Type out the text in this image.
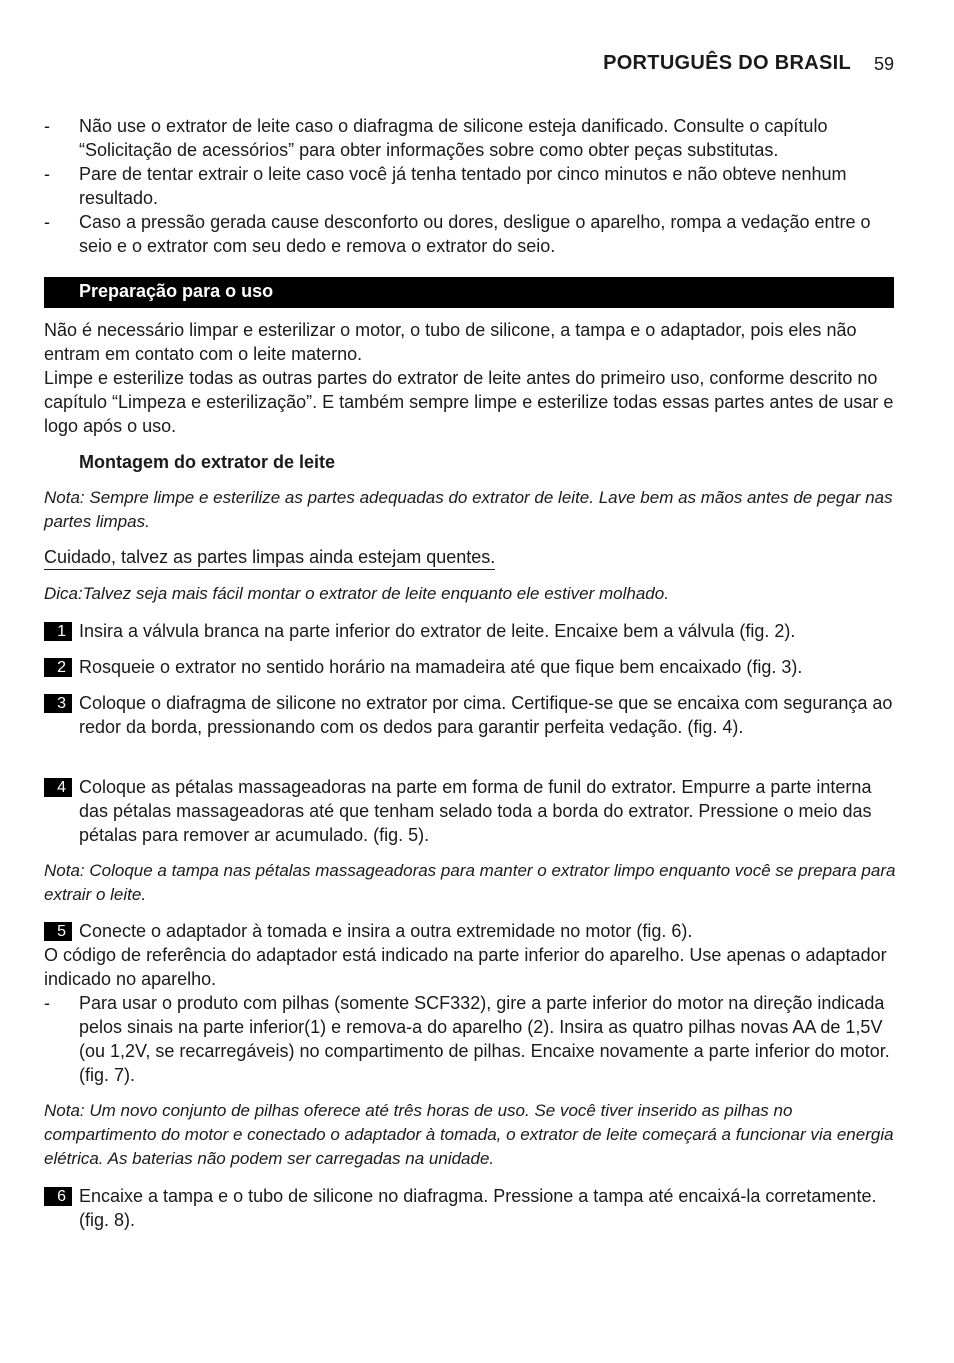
PORTUGUÊS DO BRASIL 59
-	Não use o extrator de leite caso o diafragma de silicone esteja danificado. Consulte o capítulo “Solicitação de acessórios” para obter informações sobre como obter peças substitutas.
-	Pare de tentar extrair o leite caso você já tenha tentado por cinco minutos e não obteve nenhum resultado.
-	Caso a pressão gerada cause desconforto ou dores, desligue o aparelho, rompa a vedação entre o seio e o extrator com seu dedo e remova o extrator do seio.
Preparação para o uso
Não é necessário limpar e esterilizar o motor, o tubo de silicone, a tampa e o adaptador, pois eles não entram em contato com o leite materno.
Limpe e esterilize todas as outras partes do extrator de leite antes do primeiro uso, conforme descrito no capítulo “Limpeza e esterilização”. E também sempre limpe e esterilize todas essas partes antes de usar e logo após o uso.
Montagem do extrator de leite
Nota: Sempre limpe e esterilize as partes adequadas do extrator de leite. Lave bem as mãos antes de pegar nas partes limpas.
Cuidado, talvez as partes limpas ainda estejam quentes.
Dica:Talvez seja mais fácil montar o extrator de leite enquanto ele estiver molhado.
1 Insira a válvula branca na parte inferior do extrator de leite. Encaixe bem a válvula (fig. 2).
2 Rosqueie o extrator no sentido horário na mamadeira até que fique bem encaixado (fig. 3).
3 Coloque o diafragma de silicone no extrator por cima. Certifique-se que se encaixa com segurança ao redor da borda, pressionando com os dedos para garantir perfeita vedação. (fig. 4).
4 Coloque as pétalas massageadoras na parte em forma de funil do extrator. Empurre a parte interna das pétalas massageadoras até que tenham selado toda a borda do extrator. Pressione o meio das pétalas para remover ar acumulado. (fig. 5).
Nota: Coloque a tampa nas pétalas massageadoras para manter o extrator limpo enquanto você se prepara para extrair o leite.
5 Conecte o adaptador à tomada e insira a outra extremidade no motor (fig. 6).
O código de referência do adaptador está indicado na parte inferior do aparelho. Use apenas o adaptador indicado no aparelho.
-	Para usar o produto com pilhas (somente SCF332), gire a parte inferior do motor na direção indicada pelos sinais na parte inferior(1) e remova-a do aparelho (2). Insira as quatro pilhas novas AA de 1,5V (ou 1,2V, se recarregáveis) no compartimento de pilhas. Encaixe novamente a parte inferior do motor. (fig. 7).
Nota: Um novo conjunto de pilhas oferece até três horas de uso. Se você tiver inserido as pilhas no compartimento do motor e conectado o adaptador à tomada, o extrator de leite começará a funcionar via energia elétrica. As baterias não podem ser carregadas na unidade.
6 Encaixe a tampa e o tubo de silicone no diafragma. Pressione a tampa até encaixá-la corretamente. (fig. 8).
